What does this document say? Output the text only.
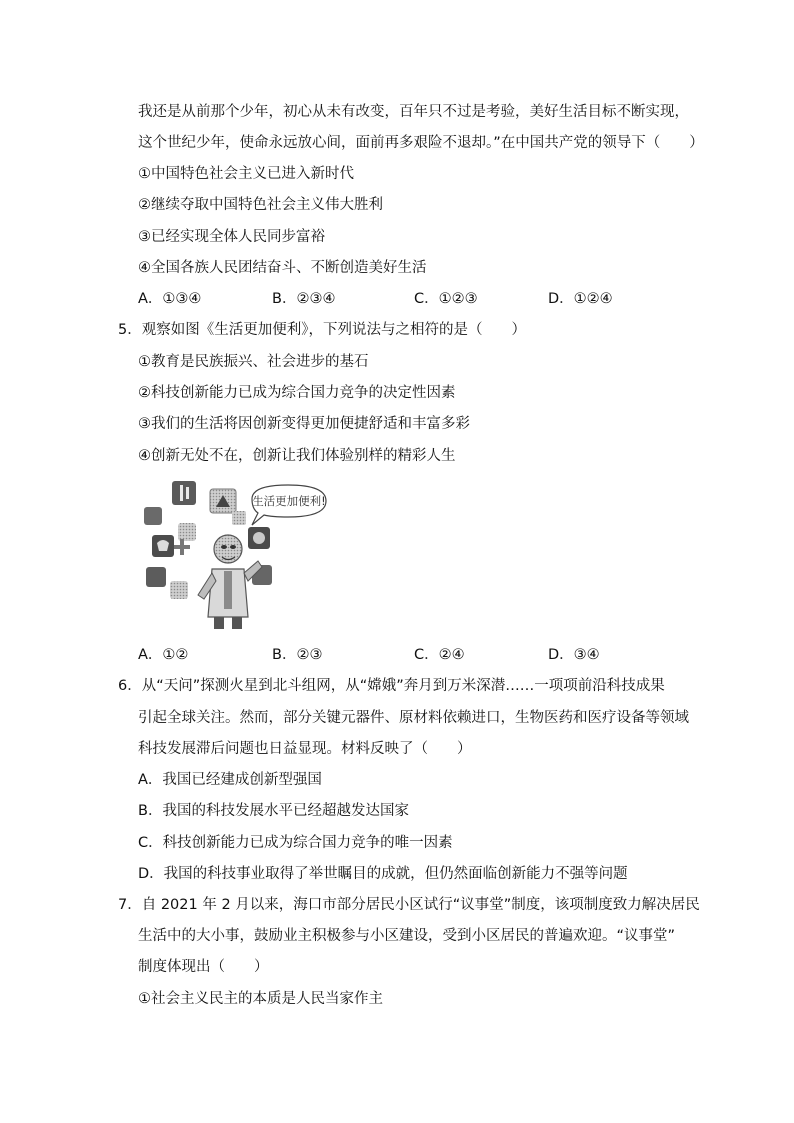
我还是从前那个少年，初心从未有改变，百年只不过是考验，美好生活目标不断实现，
这个世纪少年，使命永远放心间，面前再多艰险不退却。”在中国共产党的领导下（　　）
①中国特色社会主义已进入新时代
②继续夺取中国特色社会主义伟大胜利
③已经实现全体人民同步富裕
④全国各族人民团结奋斗、不断创造美好生活
A．①③④	B．②③④	C．①②③	D．①②④
5．观察如图《生活更加便利》，下列说法与之相符的是（　　）
①教育是民族振兴、社会进步的基石
②科技创新能力已成为综合国力竞争的决定性因素
③我们的生活将因创新变得更加便捷舒适和丰富多彩
④创新无处不在，创新让我们体验别样的精彩人生
生活更加便利!
A．①②	B．②③	C．②④	D．③④
6．从“天问”探测火星到北斗组网，从“嫦娥”奔月到万米深潜……一项项前沿科技成果
引起全球关注。然而，部分关键元器件、原材料依赖进口，生物医药和医疗设备等领域
科技发展滞后问题也日益显现。材料反映了（　　）
A．我国已经建成创新型强国
B．我国的科技发展水平已经超越发达国家
C．科技创新能力已成为综合国力竞争的唯一因素
D．我国的科技事业取得了举世瞩目的成就，但仍然面临创新能力不强等问题
7．自 2021 年 2 月以来，海口市部分居民小区试行“议事堂”制度，该项制度致力解决居民
生活中的大小事，鼓励业主积极参与小区建设，受到小区居民的普遍欢迎。“议事堂”
制度体现出（　　）
①社会主义民主的本质是人民当家作主
